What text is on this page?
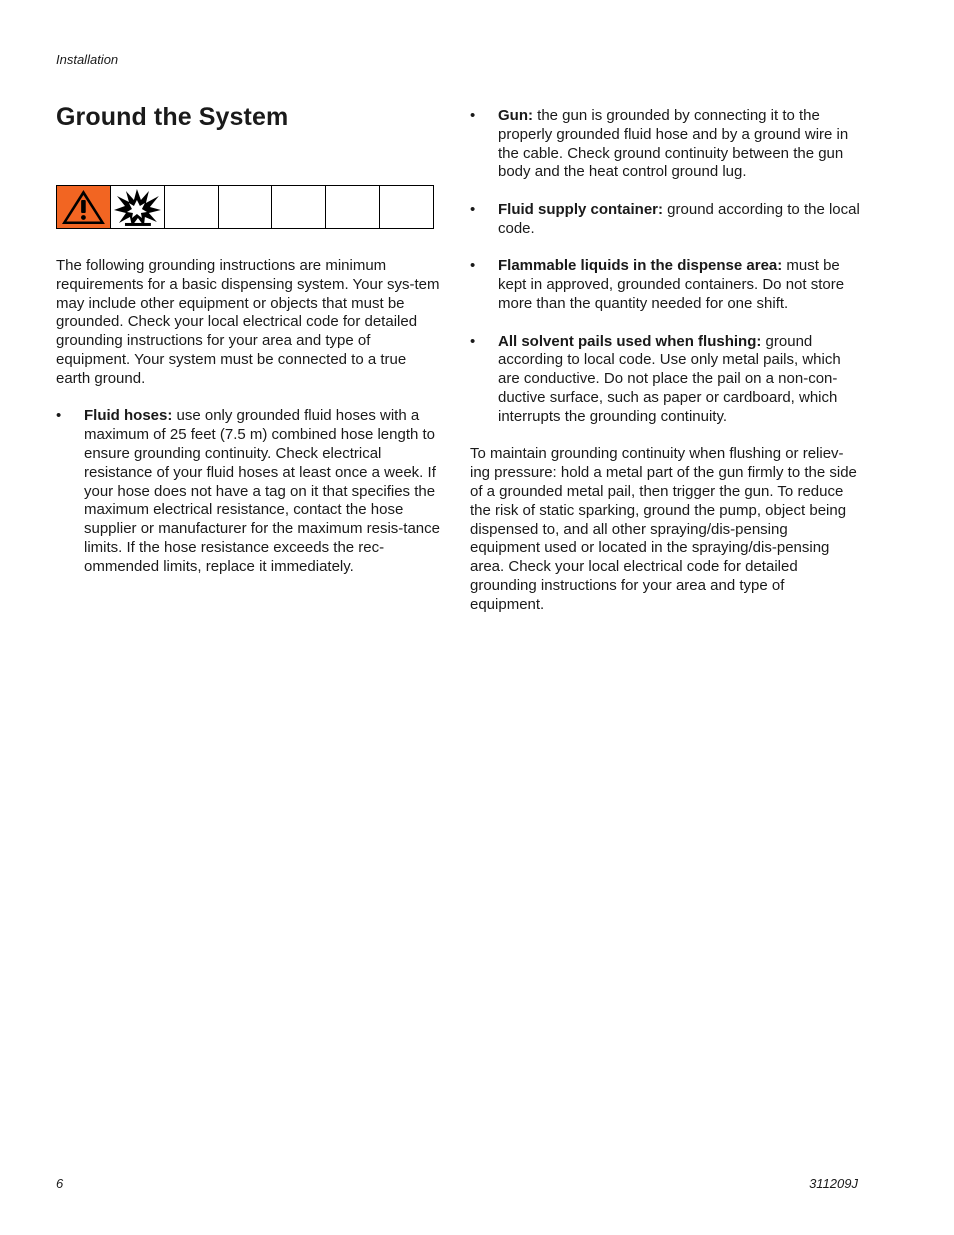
Installation
Ground the System

The following grounding instructions are minimum requirements for a basic dispensing system. Your sys-tem may include other equipment or objects that must be grounded. Check your local electrical code for detailed grounding instructions for your area and type of equipment. Your system must be connected to a true earth ground.

• Fluid hoses: use only grounded fluid hoses with a maximum of 25 feet (7.5 m) combined hose length to ensure grounding continuity. Check electrical resistance of your fluid hoses at least once a week. If your hose does not have a tag on it that specifies the maximum electrical resistance, contact the hose supplier or manufacturer for the maximum resis-tance limits. If the hose resistance exceeds the rec-ommended limits, replace it immediately.
• Gun: the gun is grounded by connecting it to the properly grounded fluid hose and by a ground wire in the cable. Check ground continuity between the gun body and the heat control ground lug.
• Fluid supply container: ground according to the local code.
• Flammable liquids in the dispense area: must be kept in approved, grounded containers. Do not store more than the quantity needed for one shift.
• All solvent pails used when flushing: ground according to local code. Use only metal pails, which are conductive. Do not place the pail on a non-con-ductive surface, such as paper or cardboard, which interrupts the grounding continuity.

To maintain grounding continuity when flushing or reliev-ing pressure: hold a metal part of the gun firmly to the side of a grounded metal pail, then trigger the gun. To reduce the risk of static sparking, ground the pump, object being dispensed to, and all other spraying/dis-pensing equipment used or located in the spraying/dis-pensing area. Check your local electrical code for detailed grounding instructions for your area and type of equipment.

6	311209J
